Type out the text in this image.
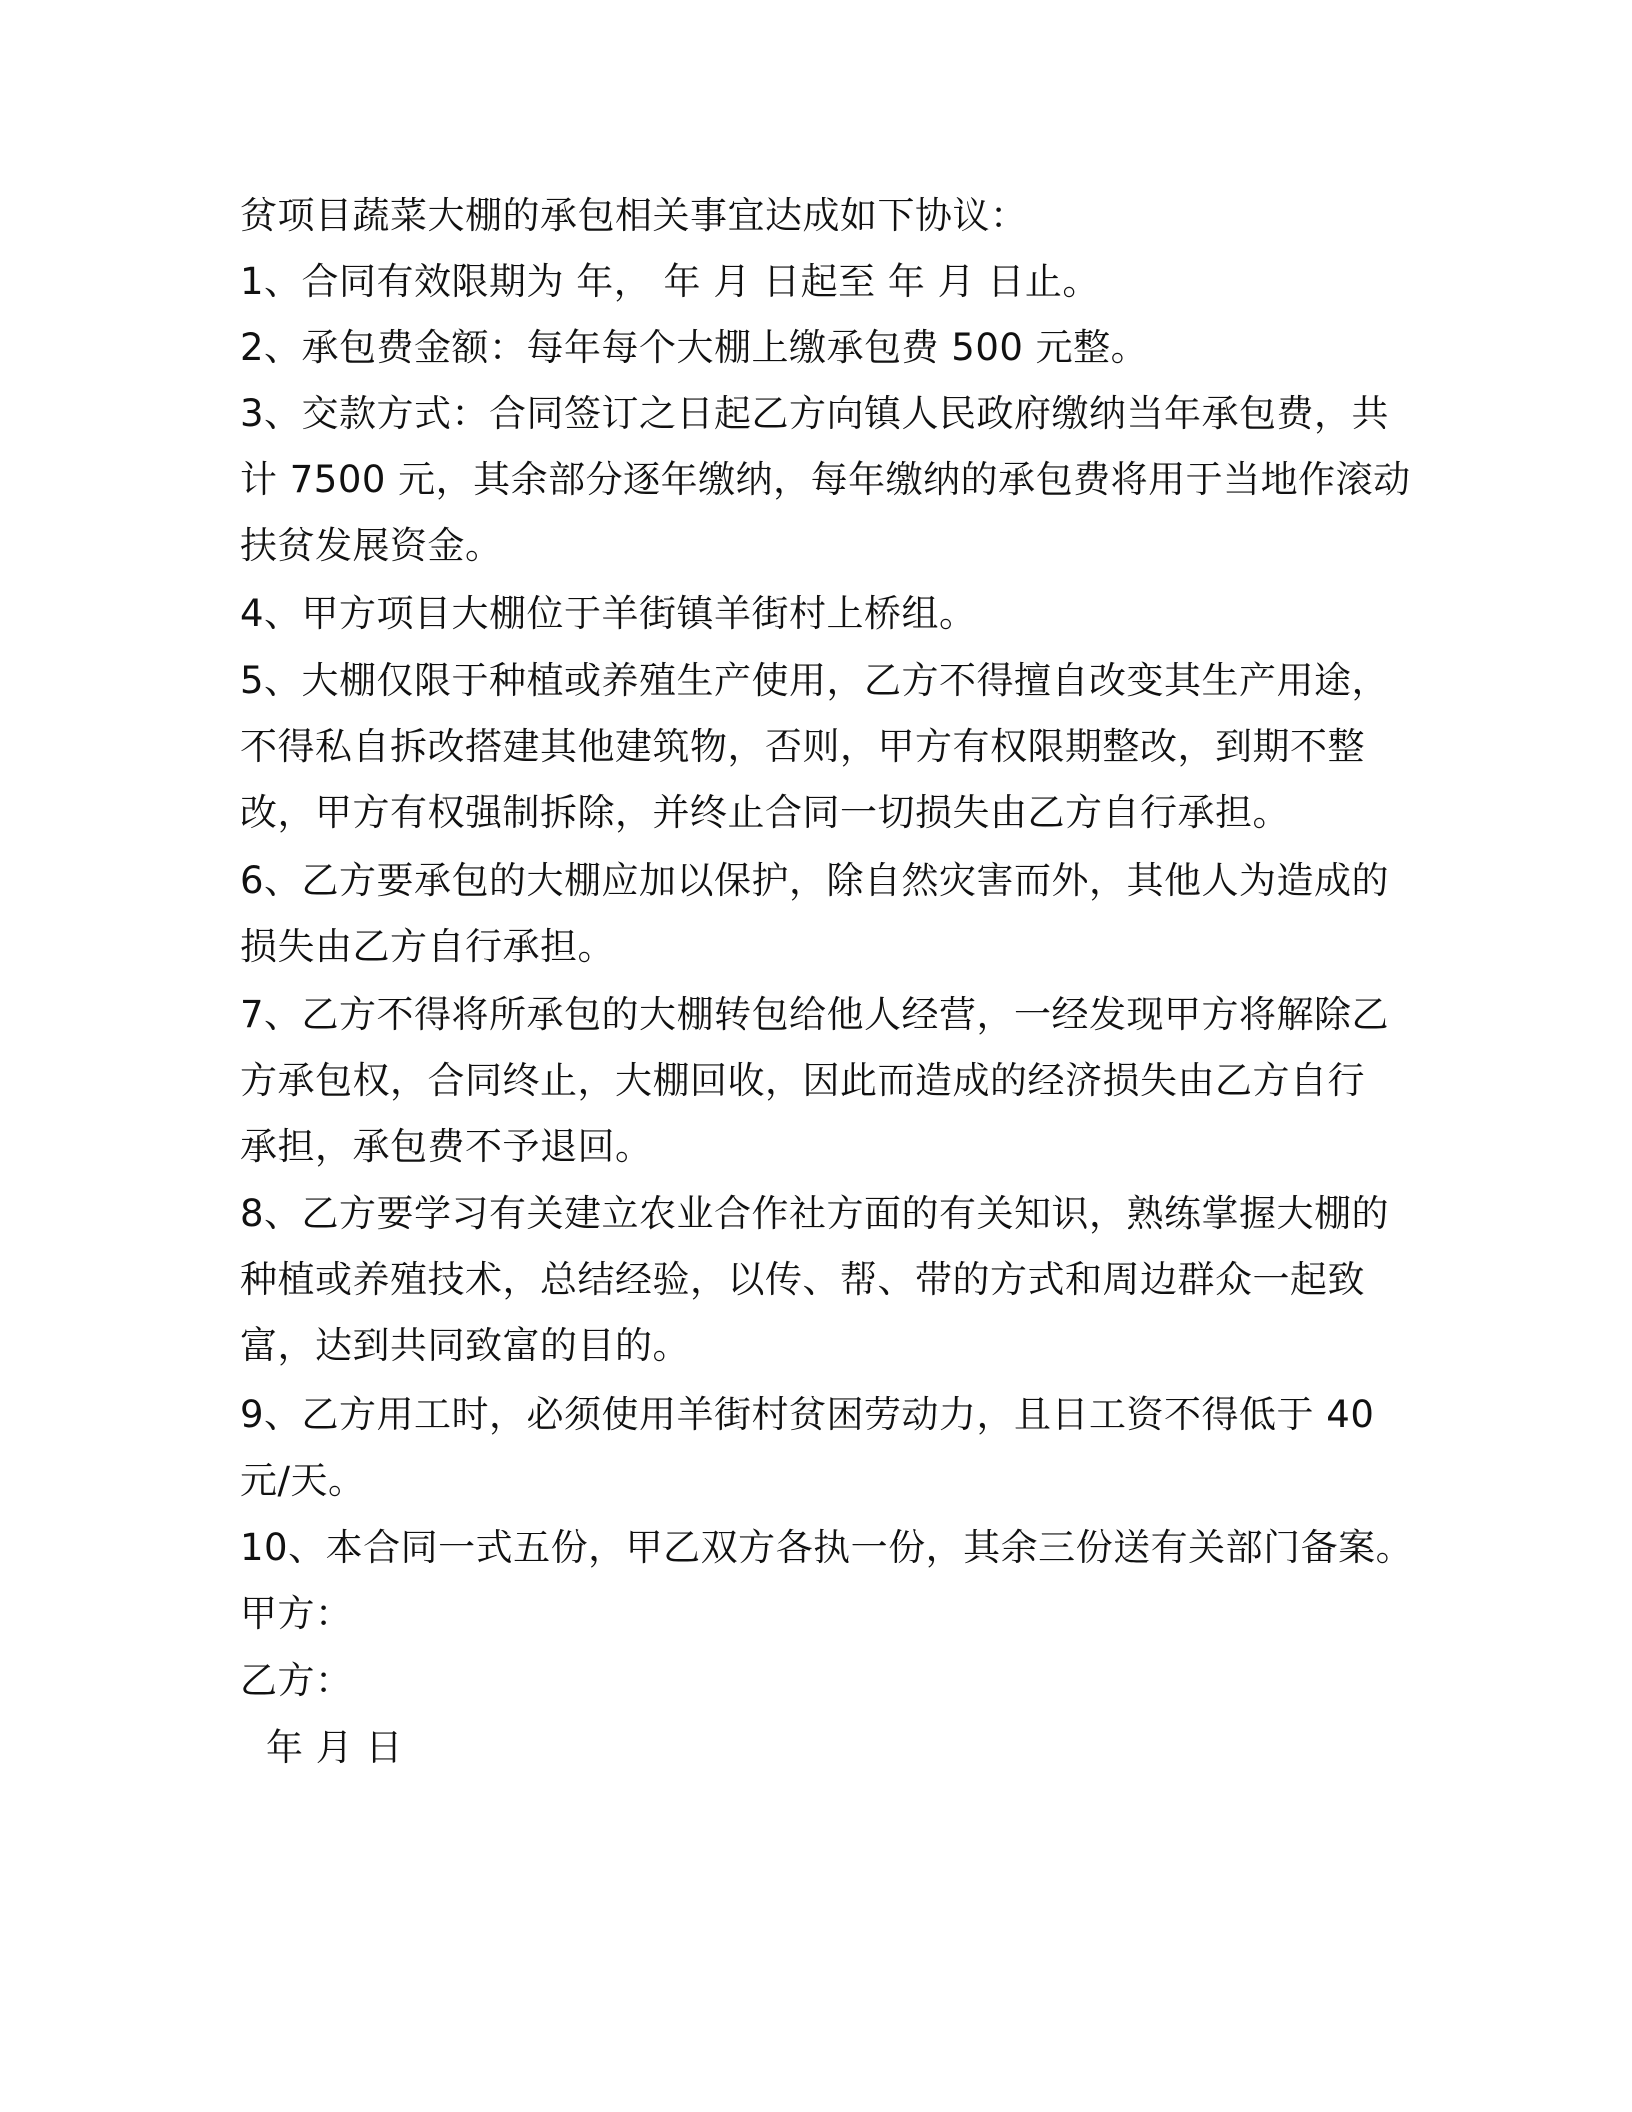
贫项目蔬菜大棚的承包相关事宜达成如下协议：
1、合同有效限期为 年， 年 月 日起至 年 月 日止。
2、承包费金额：每年每个大棚上缴承包费 500 元整。
3、交款方式：合同签订之日起乙方向镇人民政府缴纳当年承包费，共
计 7500 元，其余部分逐年缴纳，每年缴纳的承包费将用于当地作滚动
扶贫发展资金。
4、甲方项目大棚位于羊街镇羊街村上桥组。
5、大棚仅限于种植或养殖生产使用，乙方不得擅自改变其生产用途，
不得私自拆改搭建其他建筑物，否则，甲方有权限期整改，到期不整
改，甲方有权强制拆除，并终止合同一切损失由乙方自行承担。
6、乙方要承包的大棚应加以保护，除自然灾害而外，其他人为造成的
损失由乙方自行承担。
7、乙方不得将所承包的大棚转包给他人经营，一经发现甲方将解除乙
方承包权，合同终止，大棚回收，因此而造成的经济损失由乙方自行
承担，承包费不予退回。
8、乙方要学习有关建立农业合作社方面的有关知识，熟练掌握大棚的
种植或养殖技术，总结经验，以传、帮、带的方式和周边群众一起致
富，达到共同致富的目的。
9、乙方用工时，必须使用羊街村贫困劳动力，且日工资不得低于 40
元/天。
10、本合同一式五份，甲乙双方各执一份，其余三份送有关部门备案。
甲方：
乙方：
年 月 日
